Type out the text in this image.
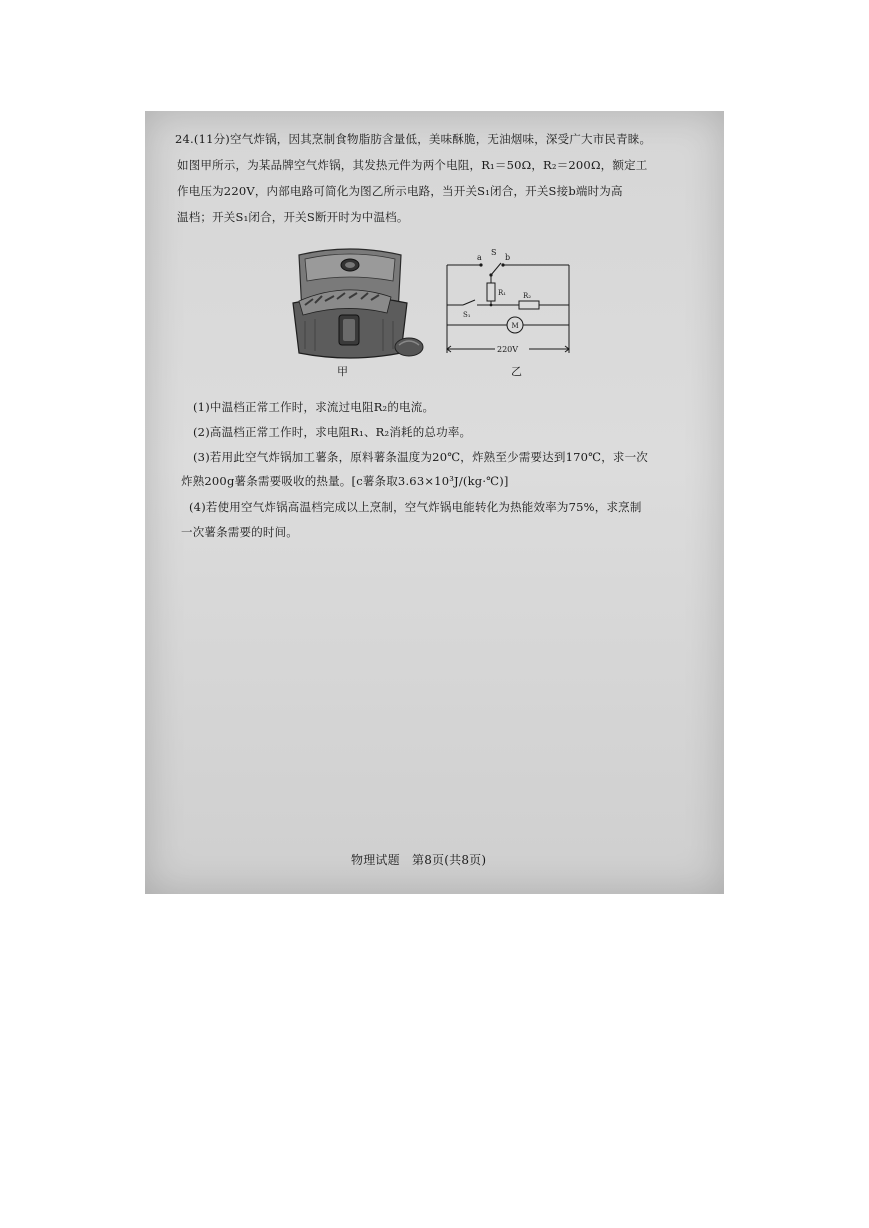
24.(11分)空气炸锅，因其烹制食物脂肪含量低，美味酥脆，无油烟味，深受广大市民青睐。
如图甲所示，为某品牌空气炸锅，其发热元件为两个电阻，R₁＝50Ω，R₂＝200Ω，额定工
作电压为220V，内部电路可简化为图乙所示电路，当开关S₁闭合，开关S接b端时为高
温档；开关S₁闭合，开关S断开时为中温档。
甲
a
S
b
R₁ R₂
S₁
M
220V
乙
(1)中温档正常工作时，求流过电阻R₂的电流。
(2)高温档正常工作时，求电阻R₁、R₂消耗的总功率。
(3)若用此空气炸锅加工薯条，原料薯条温度为20℃，炸熟至少需要达到170℃，求一次
炸熟200g薯条需要吸收的热量。[c薯条取3.63×10³J/(kg·℃)]
(4)若使用空气炸锅高温档完成以上烹制，空气炸锅电能转化为热能效率为75%，求烹制
一次薯条需要的时间。
物理试题　第8页(共8页)
